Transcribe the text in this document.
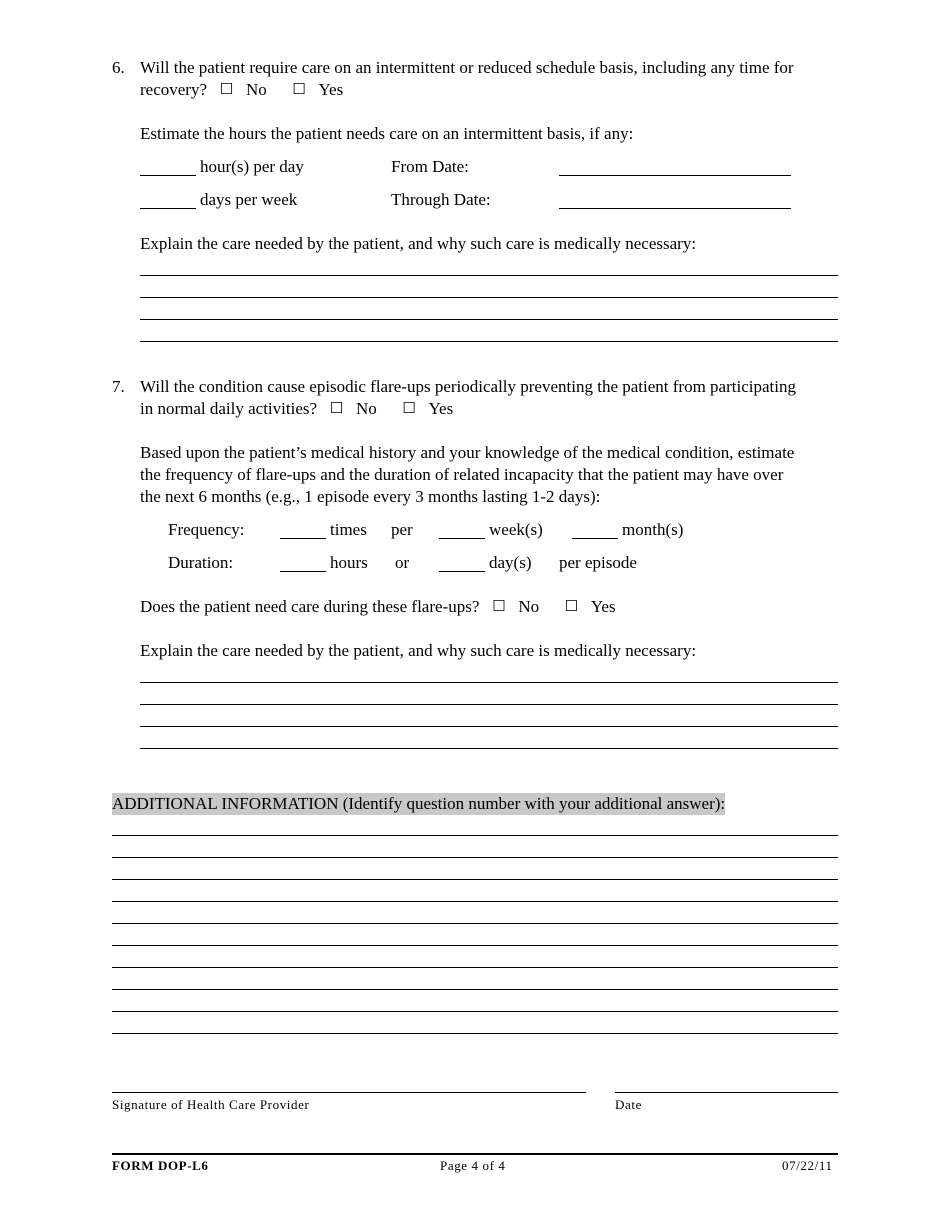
6. Will the patient require care on an intermittent or reduced schedule basis, including any time for
recovery? ☐ No ☐ Yes
Estimate the hours the patient needs care on an intermittent basis, if any:
hour(s) per day	From Date:
days per week	Through Date:
Explain the care needed by the patient, and why such care is medically necessary:
7. Will the condition cause episodic flare-ups periodically preventing the patient from participating
in normal daily activities? ☐ No ☐ Yes
Based upon the patient’s medical history and your knowledge of the medical condition, estimate
the frequency of flare-ups and the duration of related incapacity that the patient may have over
the next 6 months (e.g., 1 episode every 3 months lasting 1-2 days):
Frequency:	times per	week(s)	month(s)
Duration:	hours or	day(s) per episode
Does the patient need care during these flare-ups? ☐ No ☐ Yes
Explain the care needed by the patient, and why such care is medically necessary:
ADDITIONAL INFORMATION (Identify question number with your additional answer):
Signature of Health Care Provider	Date
FORM DOP-L6	Page 4 of 4	07/22/11
